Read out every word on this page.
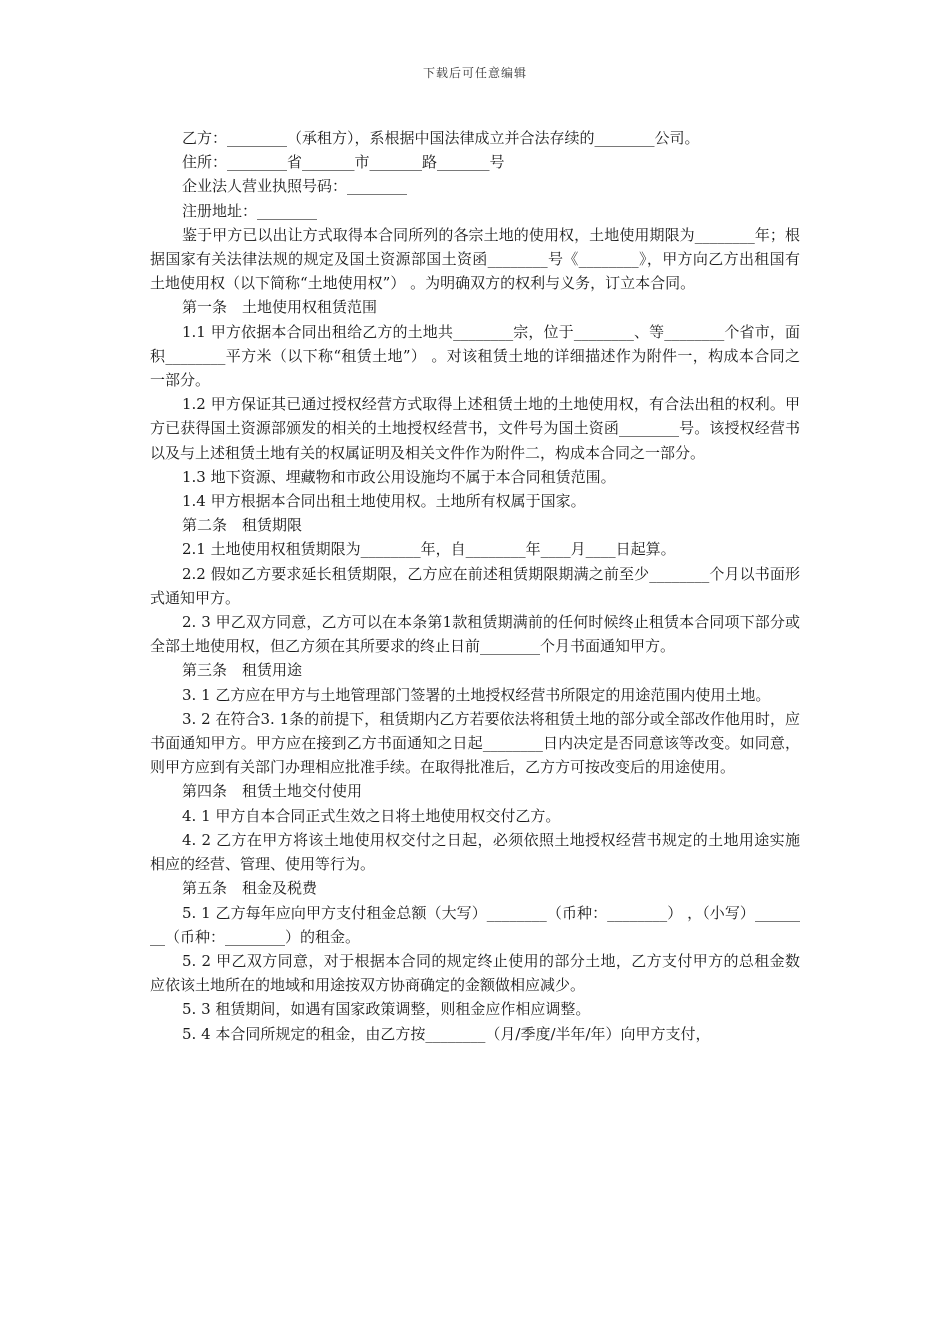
下载后可任意编辑

乙方：________（承租方），系根据中国法律成立并合法存续的________公司。

住所：________省_______市_______路_______号

企业法人营业执照号码：________

注册地址：________

鉴于甲方已以出让方式取得本合同所列的各宗土地的使用权，土地使用期限为________年；根据国家有关法律法规的规定及国土资源部国土资函________号《________》，甲方向乙方出租国有土地使用权（以下简称“土地使用权”） 。为明确双方的权利与义务，订立本合同。

第一条　土地使用权租赁范围

1.1 甲方依据本合同出租给乙方的土地共________宗，位于________、等________个省市，面积________平方米（以下称“租赁土地”） 。对该租赁土地的详细描述作为附件一，构成本合同之一部分。

1.2 甲方保证其已通过授权经营方式取得上述租赁土地的土地使用权，有合法出租的权利。甲方已获得国土资源部颁发的相关的土地授权经营书，文件号为国土资函________号。该授权经营书以及与上述租赁土地有关的权属证明及相关文件作为附件二，构成本合同之一部分。

1.3 地下资源、埋藏物和市政公用设施均不属于本合同租赁范围。

1.4 甲方根据本合同出租土地使用权。土地所有权属于国家。

第二条　租赁期限

2.1 土地使用权租赁期限为________年，自________年____月____日起算。

2.2 假如乙方要求延长租赁期限，乙方应在前述租赁期限期满之前至少________个月以书面形式通知甲方。

2. 3 甲乙双方同意，乙方可以在本条第1款租赁期满前的任何时候终止租赁本合同项下部分或全部土地使用权，但乙方须在其所要求的终止日前________个月书面通知甲方。

第三条　租赁用途

3. 1 乙方应在甲方与土地管理部门签署的土地授权经营书所限定的用途范围内使用土地。

3. 2 在符合3. 1条的前提下，租赁期内乙方若要依法将租赁土地的部分或全部改作他用时，应书面通知甲方。甲方应在接到乙方书面通知之日起________日内决定是否同意该等改变。如同意，则甲方应到有关部门办理相应批准手续。在取得批准后，乙方方可按改变后的用途使用。

第四条　租赁土地交付使用

4. 1 甲方自本合同正式生效之日将土地使用权交付乙方。

4. 2 乙方在甲方将该土地使用权交付之日起，必须依照土地授权经营书规定的土地用途实施相应的经营、管理、使用等行为。

第五条　租金及税费

5. 1 乙方每年应向甲方支付租金总额（大写）________（币种：________） ，（小写）________（币种：________）的租金。

5. 2 甲乙双方同意，对于根据本合同的规定终止使用的部分土地，乙方支付甲方的总租金数应依该土地所在的地域和用途按双方协商确定的金额做相应减少。

5. 3 租赁期间，如遇有国家政策调整，则租金应作相应调整。

5. 4 本合同所规定的租金，由乙方按________（月/季度/半年/年）向甲方支付，
